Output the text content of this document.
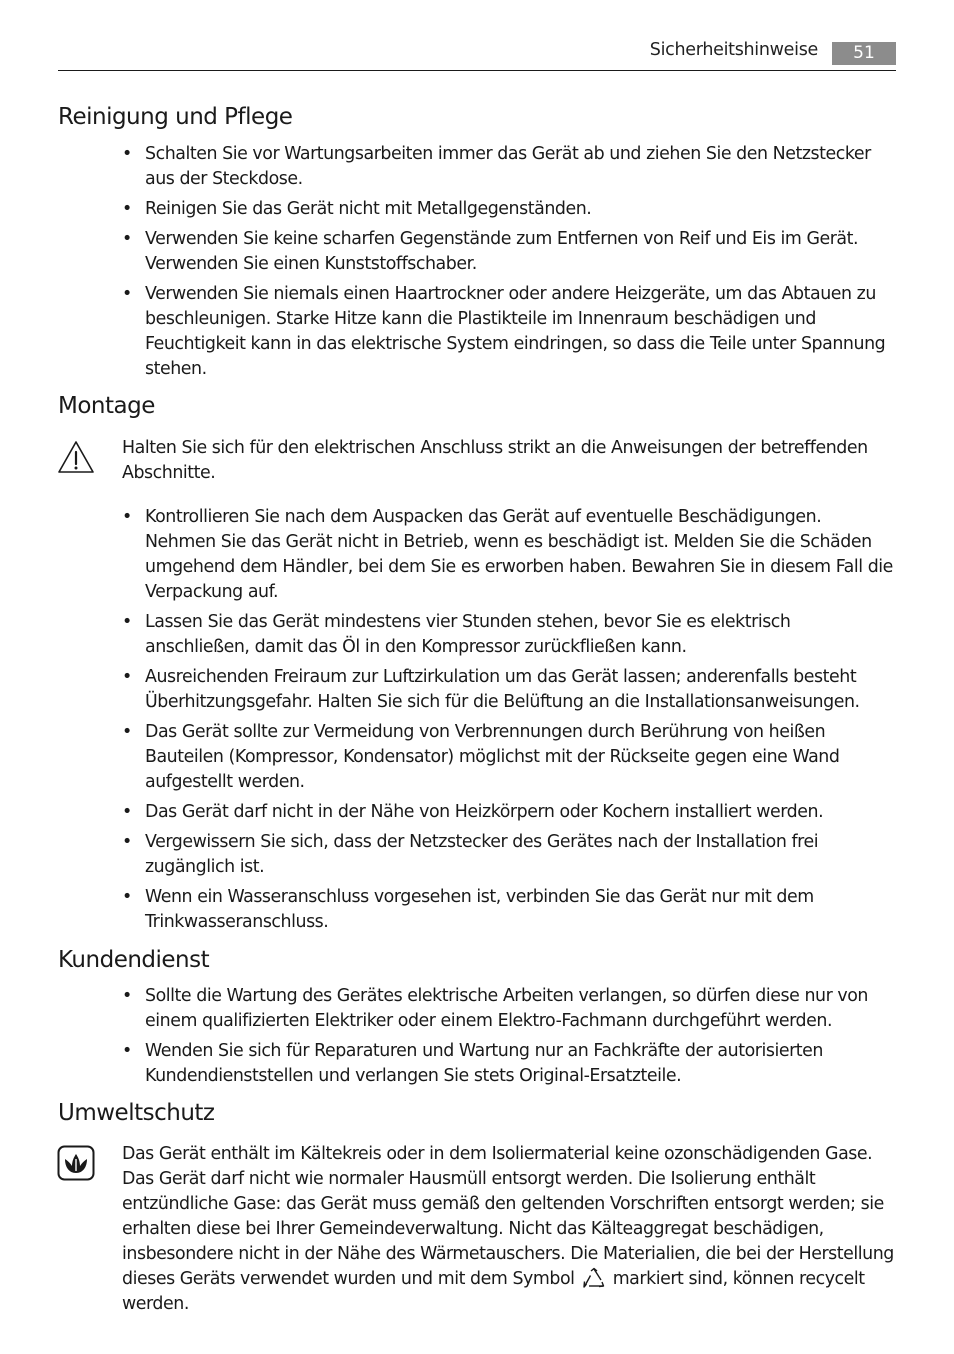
Sicherheitshinweise	51
Reinigung und Pflege
• Schalten Sie vor Wartungsarbeiten immer das Gerät ab und ziehen Sie den Netzstecker aus der Steckdose.
• Reinigen Sie das Gerät nicht mit Metallgegenständen.
• Verwenden Sie keine scharfen Gegenstände zum Entfernen von Reif und Eis im Gerät. Verwenden Sie einen Kunststoffschaber.
• Verwenden Sie niemals einen Haartrockner oder andere Heizgeräte, um das Abtauen zu beschleunigen. Starke Hitze kann die Plastikteile im Innenraum beschädigen und Feuchtigkeit kann in das elektrische System eindringen, so dass die Teile unter Spannung stehen.
Montage

Halten Sie sich für den elektrischen Anschluss strikt an die Anweisungen der betreffenden Abschnitte.

• Kontrollieren Sie nach dem Auspacken das Gerät auf eventuelle Beschädigungen. Nehmen Sie das Gerät nicht in Betrieb, wenn es beschädigt ist. Melden Sie die Schäden umgehend dem Händler, bei dem Sie es erworben haben. Bewahren Sie in diesem Fall die Verpackung auf.
• Lassen Sie das Gerät mindestens vier Stunden stehen, bevor Sie es elektrisch anschließen, damit das Öl in den Kompressor zurückfließen kann.
• Ausreichenden Freiraum zur Luftzirkulation um das Gerät lassen; anderenfalls besteht Überhitzungsgefahr. Halten Sie sich für die Belüftung an die Installationsanweisungen.
• Das Gerät sollte zur Vermeidung von Verbrennungen durch Berührung von heißen Bauteilen (Kompressor, Kondensator) möglichst mit der Rückseite gegen eine Wand aufgestellt werden.
• Das Gerät darf nicht in der Nähe von Heizkörpern oder Kochern installiert werden.
• Vergewissern Sie sich, dass der Netzstecker des Gerätes nach der Installation frei zugänglich ist.
• Wenn ein Wasseranschluss vorgesehen ist, verbinden Sie das Gerät nur mit dem Trinkwasseranschluss.
Kundendienst
• Sollte die Wartung des Gerätes elektrische Arbeiten verlangen, so dürfen diese nur von einem qualifizierten Elektriker oder einem Elektro-Fachmann durchgeführt werden.
• Wenden Sie sich für Reparaturen und Wartung nur an Fachkräfte der autorisierten Kundendienststellen und verlangen Sie stets Original-Ersatzteile.
Umweltschutz

Das Gerät enthält im Kältekreis oder in dem Isoliermaterial keine ozonschädigenden Gase. Das Gerät darf nicht wie normaler Hausmüll entsorgt werden. Die Isolierung enthält entzündliche Gase: das Gerät muss gemäß den geltenden Vorschriften entsorgt werden; sie erhalten diese bei Ihrer Gemeindeverwaltung. Nicht das Kälteaggregat beschädigen, insbesondere nicht in der Nähe des Wärmetauschers. Die Materialien, die bei der Herstellung dieses Geräts verwendet wurden und mit dem Symbol markiert sind, können recycelt werden.
